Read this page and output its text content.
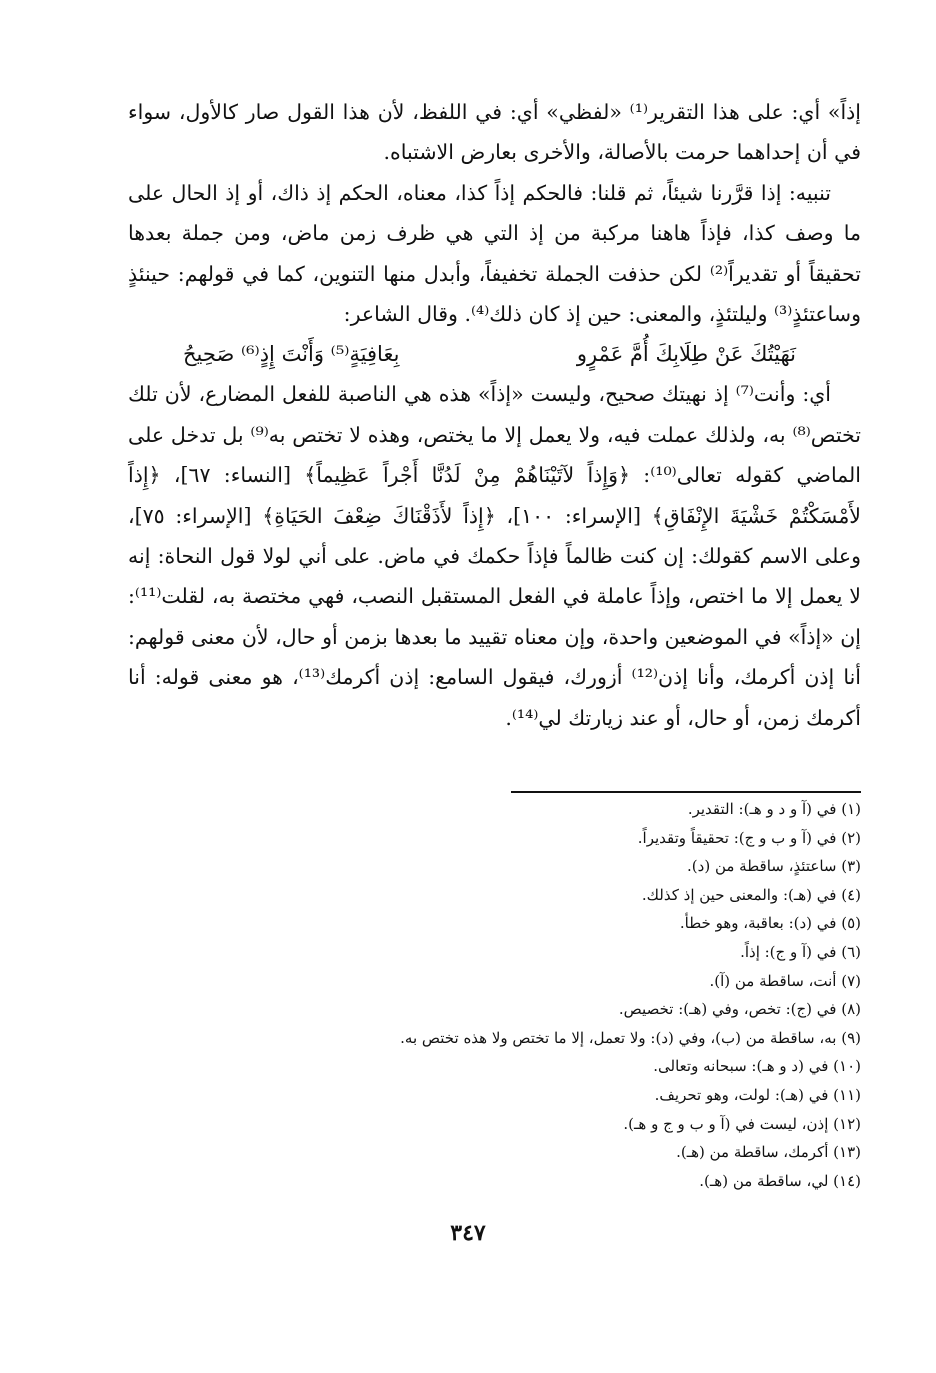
إذاً» أي: على هذا التقرير⁽¹⁾ «لفظي» أي: في اللفظ، لأن هذا القول صار كالأول، سواء في أن إحداهما حرمت بالأصالة، والأخرى بعارض الاشتباه.

تنبيه: إذا قرَّرنا شيئاً، ثم قلنا: فالحكم إذاً كذا، معناه، الحكم إذ ذاك، أو إذ الحال على ما وصف كذا، فإذاً هاهنا مركبة من إذ التي هي ظرف زمن ماض، ومن جملة بعدها تحقيقاً أو تقديراً⁽²⁾ لكن حذفت الجملة تخفيفاً، وأبدل منها التنوين، كما في قولهم: حينئذٍ وساعتئذٍ⁽³⁾ وليلتئذٍ، والمعنى: حين إذ كان ذلك⁽⁴⁾. وقال الشاعر:

نَهَيْتُكَ عَنْ طِلَابِكَ أُمَّ عَمْرٍو
بِعَافِيَةٍ⁽⁵⁾ وَأَنْتَ إِذٍ⁽⁶⁾ صَحِيحُ

أي: وأنت⁽⁷⁾ إذ نهيتك صحيح، وليست «إذاً» هذه هي الناصبة للفعل المضارع، لأن تلك تختص⁽⁸⁾ به، ولذلك عملت فيه، ولا يعمل إلا ما يختص، وهذه لا تختص به⁽⁹⁾ بل تدخل على الماضي كقوله تعالى⁽¹⁰⁾: ﴿وَإِذاً لآتَيْنَاهُمْ مِنْ لَدُنَّا أَجْراً عَظِيماً﴾ [النساء: ٦٧]، ﴿إِذاً لأَمْسَكْتُمْ خَشْيَةَ الإِنْفَاقِ﴾ [الإسراء: ١٠٠]، ﴿إِذاً لأَذَقْنَاكَ ضِعْفَ الحَيَاةِ﴾ [الإسراء: ٧٥]، وعلى الاسم كقولك: إن كنت ظالماً فإذاً حكمك في ماض. على أني لولا قول النحاة: إنه لا يعمل إلا ما اختص، وإذاً عاملة في الفعل المستقبل النصب، فهي مختصة به، لقلت⁽¹¹⁾: إن «إذاً» في الموضعين واحدة، وإن معناه تقييد ما بعدها بزمن أو حال، لأن معنى قولهم: أنا إذن أكرمك، وأنا إذن⁽¹²⁾ أزورك، فيقول السامع: إذن أكرمك⁽¹³⁾، هو معنى قوله: أنا أكرمك زمن، أو حال، أو عند زيارتك لي⁽¹⁴⁾.

(١) في (آ و د و هـ): التقدير.
(٢) في (آ و ب و ج): تحقيقاً وتقديراً.
(٣) ساعتئذٍ، ساقطة من (د).
(٤) في (هـ): والمعنى حين إذ كذلك.
(٥) في (د): بعاقبة، وهو خطأ.
(٦) في (آ و ج): إذاً.
(٧) أنت، ساقطة من (آ).
(٨) في (ج): تخص، وفي (هـ): تخصيص.
(٩) به، ساقطة من (ب)، وفي (د): ولا تعمل، إلا ما تختص ولا هذه تختص به.
(١٠) في (د و هـ): سبحانه وتعالى.
(١١) في (هـ): لولت، وهو تحريف.
(١٢) إذن، ليست في (آ و ب و ج و هـ).
(١٣) أكرمك، ساقطة من (هـ).
(١٤) لي، ساقطة من (هـ).
٣٤٧
